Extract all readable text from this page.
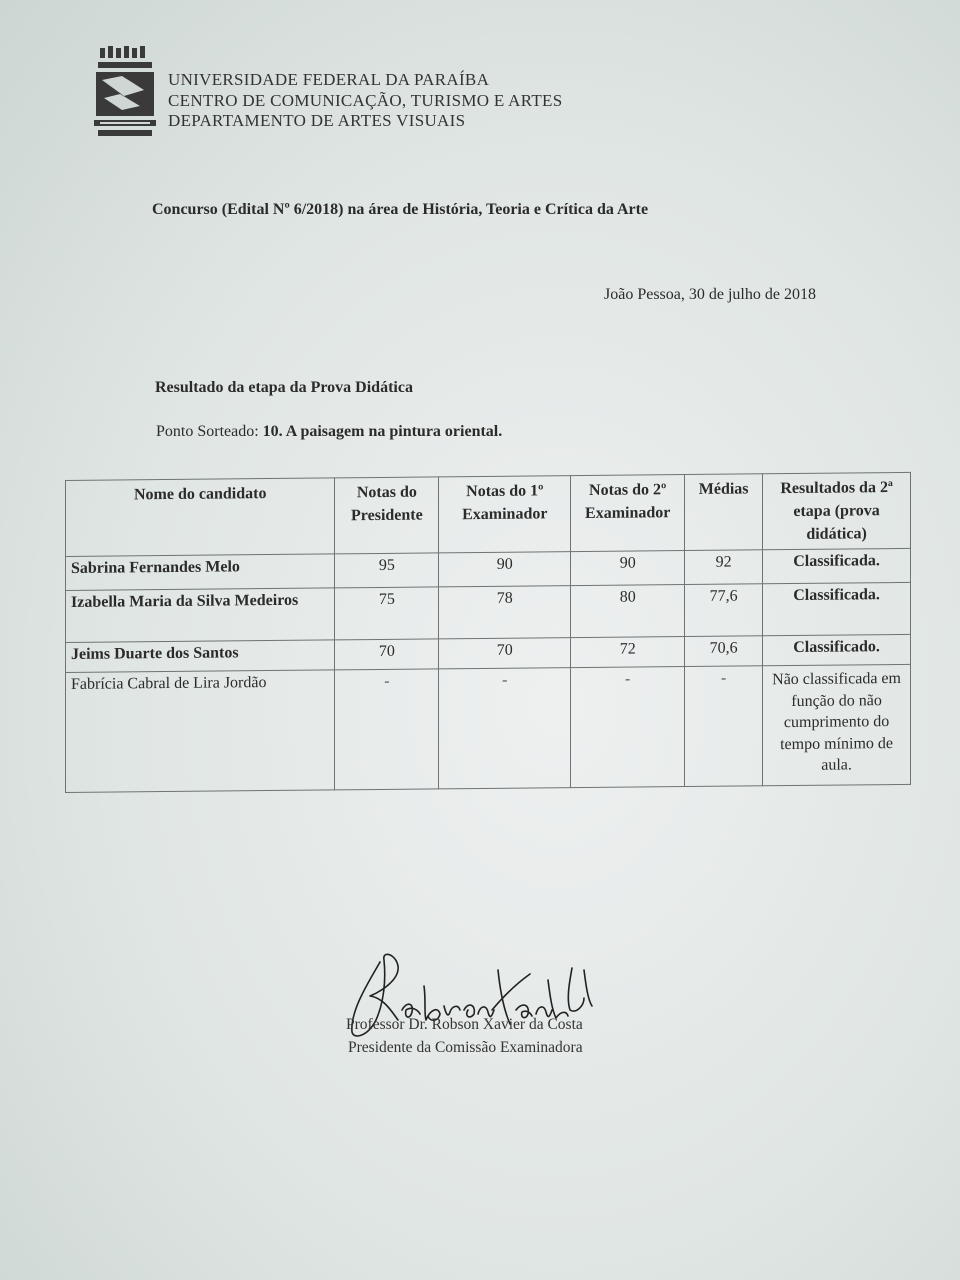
UNIVERSIDADE FEDERAL DA PARAÍBA
CENTRO DE COMUNICAÇÃO, TURISMO E ARTES
DEPARTAMENTO DE ARTES VISUAIS
Concurso (Edital Nº 6/2018) na área de História, Teoria e Crítica da Arte
João Pessoa, 30 de julho de 2018
Resultado da etapa da Prova Didática
Ponto Sorteado: 10. A paisagem na pintura oriental.
Nome do candidato	Notas do Presidente	Notas do 1º Examinador	Notas do 2º Examinador	Médias	Resultados da 2ª etapa (prova didática)
Sabrina Fernandes Melo	95	90	90	92	Classificada.
Izabella Maria da Silva Medeiros	75	78	80	77,6	Classificada.
Jeims Duarte dos Santos	70	70	72	70,6	Classificado.
Fabrícia Cabral de Lira Jordão	-	-	-	-	Não classificada em função do não cumprimento do tempo mínimo de aula.
Professor Dr. Robson Xavier da Costa
Presidente da Comissão Examinadora
